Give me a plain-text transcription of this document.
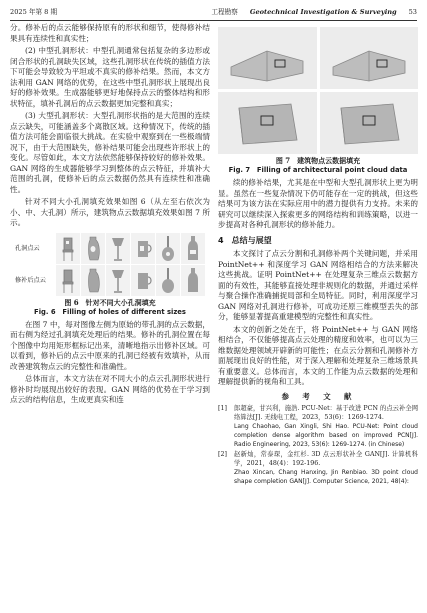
2025 年第 8 期	工程勘察 Geotechnical Investigation & Surveying 53

分。修补后的点云能够保持原有的形状和细节，使得修补结果具有连续性和真实性；

(2) 中型孔洞形状：中型孔洞通常包括复杂的多边形或闭合形状的孔洞缺失区域，这些孔洞形状在传统的插值方法下可能会导致较为平坦或不真实的修补结果。然而，本文方法利用 GAN 网络的优势，在这些中型孔洞形状上展现出良好的修补效果。生成器能够更好地保持点云的整体结构和形状特征，填补孔洞后的点云数据更加完整和真实；

(3) 大型孔洞形状：大型孔洞形状指的是大范围的连续点云缺失，可能涵盖多个离散区域。这种情况下，传统的插值方法可能会面临很大挑战。在实验中观察到在一些极端情况下，由于大范围缺失，修补结果可能会出现些许形状上的变化。尽管如此，本文方法依然能够保持较好的修补效果。GAN 网络的生成器能够学习到整体的点云特征，并填补大范围的孔洞，使修补后的点云数据仍然具有连续性和准确性。

针对不同大小孔洞填充效果如图 6（从左至右依次为小、中、大孔洞）所示，建筑物点云数据填充效果如图 7 所示。

孔洞点云
修补后点云
图 6　针对不同大小孔洞填充
Fig. 6　Filling of holes of different sizes

在图 7 中，每对图像左侧为原始的带孔洞的点云数据，而右侧为经过孔洞填充处理后的结果。修补的孔洞位置在每个图像中均用矩形框标记出来，清晰地指示出修补区域。可以看到，修补后的点云中原来的孔洞已经被有效填补，从而改善建筑物点云的完整性和准确性。

总体而言，本文方法在对不同大小的点云孔洞形状进行修补时均展现出较好的表现。GAN 网络的优势在于学习到点云的结构信息，生成更真实和连

图 7　建筑物点云数据填充
Fig. 7　Filling of architectural point cloud data

续的修补结果，尤其是在中型和大型孔洞形状上更为明显。虽然在一些复杂情况下仍可能存在一定的挑战，但这些结果可为该方法在实际应用中的潜力提供有力支持。未来的研究可以继续深入探索更多的网络结构和训练策略，以进一步提高对各种孔洞形状的修补能力。

4　总结与展望

本文探讨了点云分割和孔洞修补两个关键问题，并采用 PointNet++ 和深度学习 GAN 网络相结合的方法来解决这些挑战。证明 PointNet++ 在处理复杂三维点云数据方面的有效性，其能够直接处理非规则化的数据，并通过采样与聚合操作准确捕捉局部和全局特征。同时，利用深度学习 GAN 网络对孔洞进行修补，可成功还原三维模型丢失的部分，能够显著提高重建模型的完整性和真实性。

本文的创新之处在于，将 PointNet++ 与 GAN 网络相结合，不仅能够提高点云处理的精度和效率，也可以为三维数据处理领域开辟新的可能性；在点云分割和孔洞修补方面展现出良好的性能，对于深入理解和处理复杂三维场景具有重要意义。总体而言，本文的工作能为点云数据的处理和理解提供新的视角和工具。

参　考　文　献
[1]	郎超豪，甘兴利，施浩. PCU-Net：基于改进 PCN 的点云补全网络算法[J]. 无线电工程，2023，53(6)：1269-1274.
Lang Chaohao, Gan Xingli, Shi Hao. PCU-Net: Point cloud completion dense algorithm based on improved PCN[J]. Radio Engineering, 2023, 53(6): 1269-1274. (in Chinese)
[2]	赵新灿，常泰琛，金红杉. 3D 点云形状补全 GAN[J]. 计算机科学，2021，48(4)：192-196.
Zhao Xincan, Chang Hanxing, Jin Renbiao. 3D point cloud shape completion GAN[J]. Computer Science, 2021, 48(4):
